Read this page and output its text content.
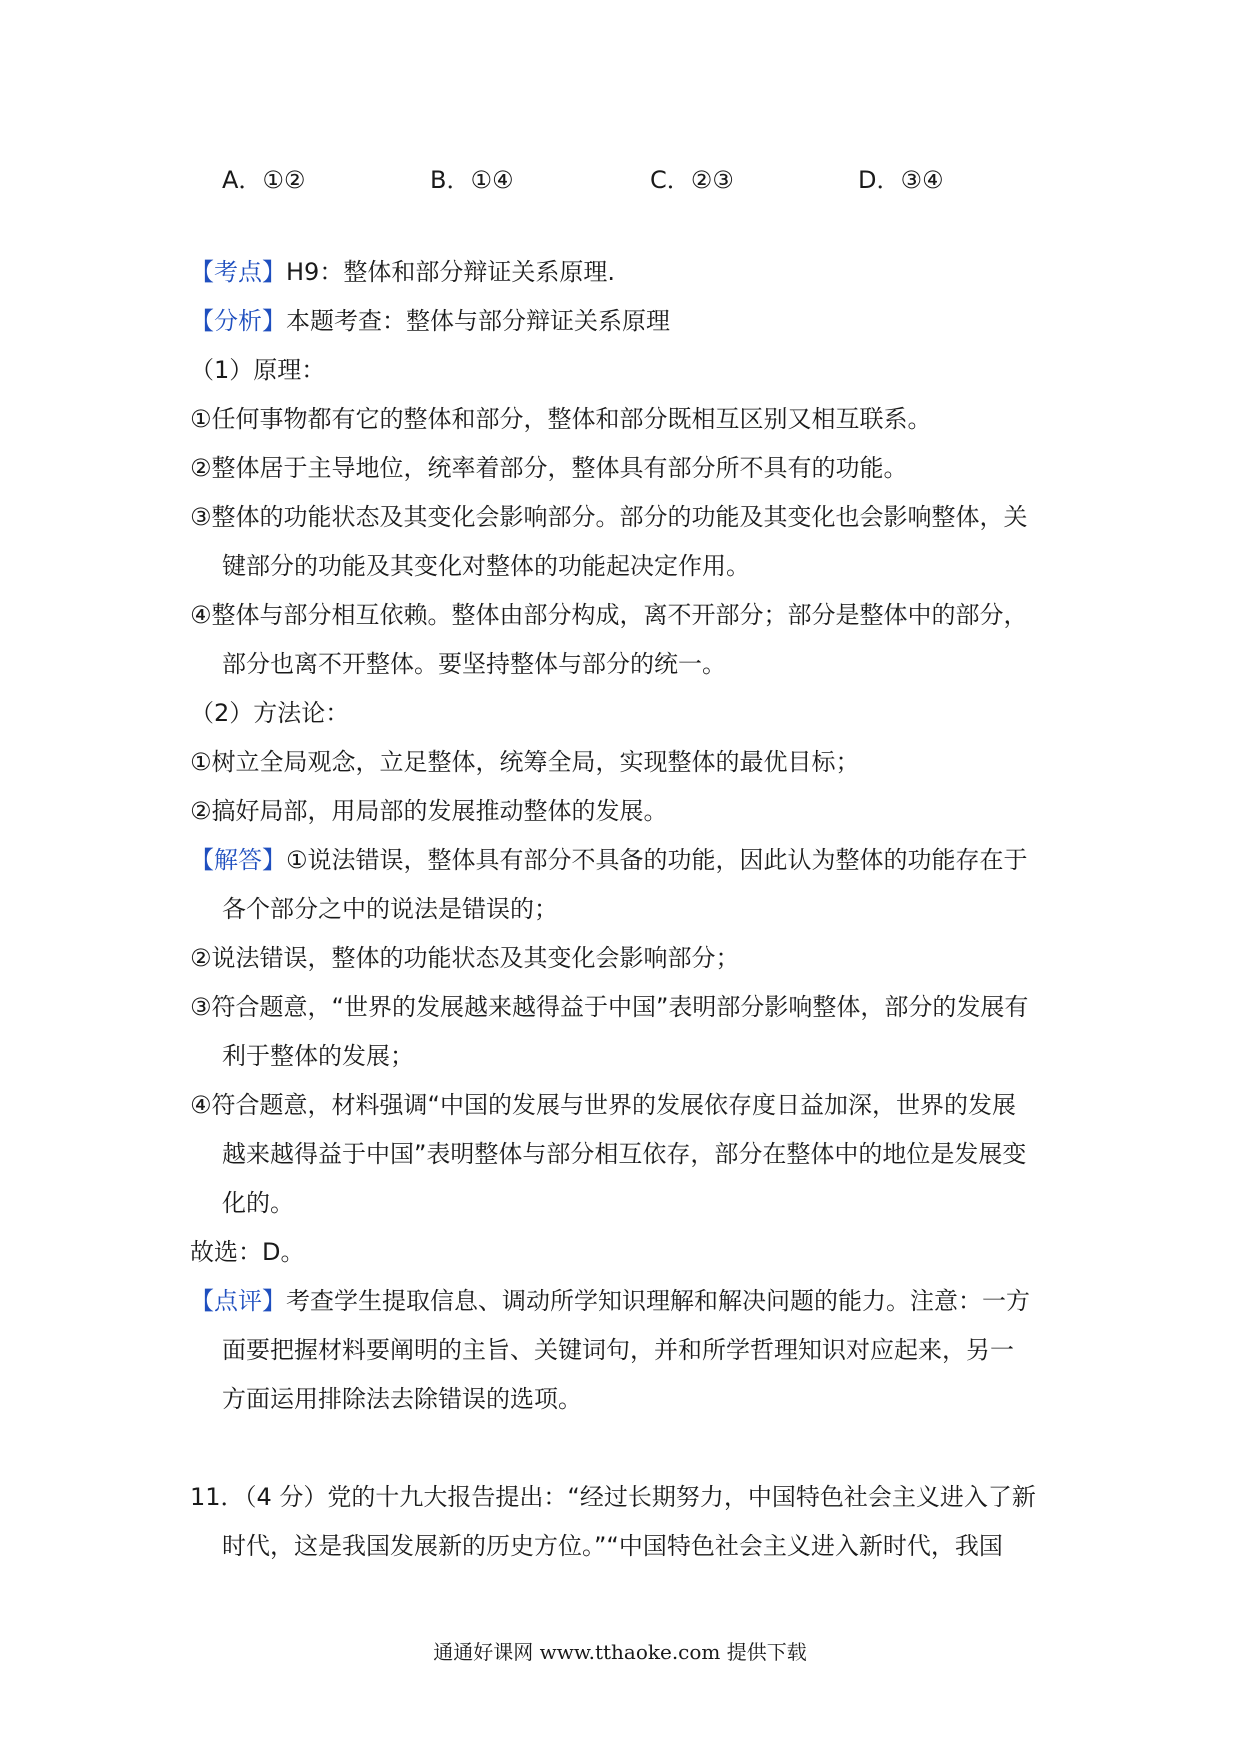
A．①②	B．①④	C．②③	D．③④
【考点】H9：整体和部分辩证关系原理.
【分析】本题考查：整体与部分辩证关系原理
（1）原理：
①任何事物都有它的整体和部分，整体和部分既相互区别又相互联系。
②整体居于主导地位，统率着部分，整体具有部分所不具有的功能。
③整体的功能状态及其变化会影响部分。部分的功能及其变化也会影响整体，关
键部分的功能及其变化对整体的功能起决定作用。
④整体与部分相互依赖。整体由部分构成，离不开部分；部分是整体中的部分，
部分也离不开整体。要坚持整体与部分的统一。
（2）方法论：
①树立全局观念，立足整体，统筹全局，实现整体的最优目标；
②搞好局部，用局部的发展推动整体的发展。
【解答】①说法错误，整体具有部分不具备的功能，因此认为整体的功能存在于
各个部分之中的说法是错误的；
②说法错误，整体的功能状态及其变化会影响部分；
③符合题意，“世界的发展越来越得益于中国”表明部分影响整体，部分的发展有
利于整体的发展；
④符合题意，材料强调“中国的发展与世界的发展依存度日益加深，世界的发展
越来越得益于中国”表明整体与部分相互依存，部分在整体中的地位是发展变
化的。
故选：D。
【点评】考查学生提取信息、调动所学知识理解和解决问题的能力。注意：一方
面要把握材料要阐明的主旨、关键词句，并和所学哲理知识对应起来，另一
方面运用排除法去除错误的选项。
11．（4 分）党的十九大报告提出：“经过长期努力，中国特色社会主义进入了新
时代，这是我国发展新的历史方位。”“中国特色社会主义进入新时代，我国
通通好课网 www.tthaoke.com 提供下载
